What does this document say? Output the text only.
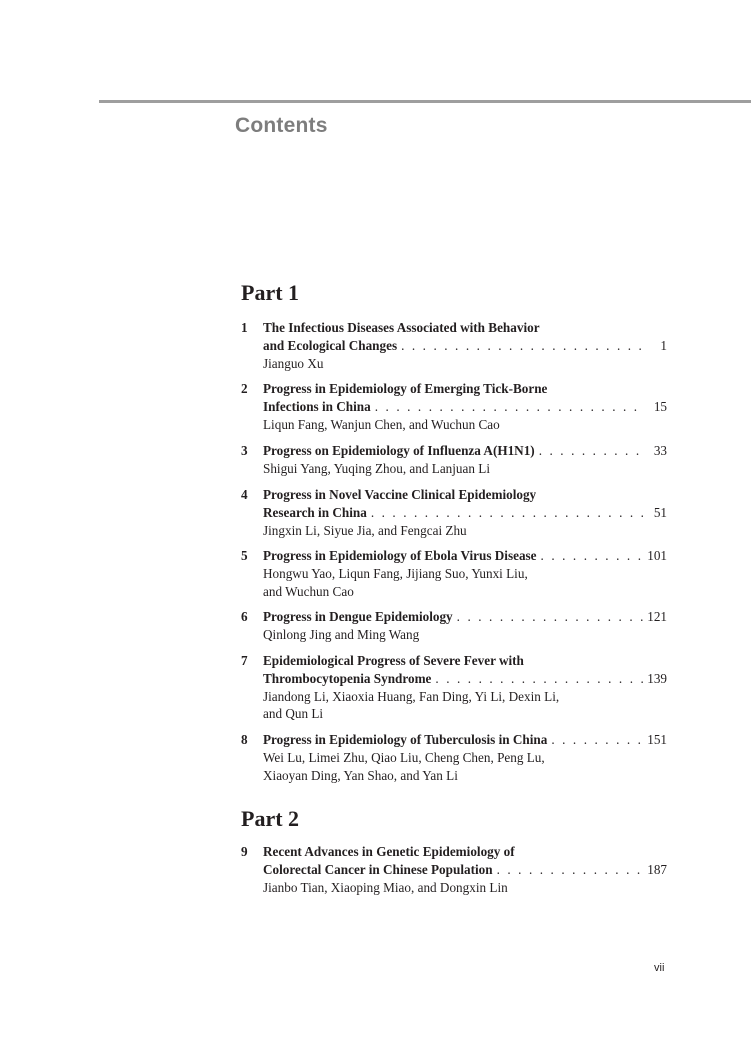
Contents
Part 1
1 The Infectious Diseases Associated with Behavior
and Ecological Changes . . .	1
Jianguo Xu
2 Progress in Epidemiology of Emerging Tick-Borne
Infections in China . . .	15
Liqun Fang, Wanjun Chen, and Wuchun Cao
3 Progress on Epidemiology of Influenza A(H1N1) . . .	33
Shigui Yang, Yuqing Zhou, and Lanjuan Li
4 Progress in Novel Vaccine Clinical Epidemiology
Research in China . . .	51
Jingxin Li, Siyue Jia, and Fengcai Zhu
5 Progress in Epidemiology of Ebola Virus Disease . . .	101
Hongwu Yao, Liqun Fang, Jijiang Suo, Yunxi Liu,
and Wuchun Cao
6 Progress in Dengue Epidemiology . . .	121
Qinlong Jing and Ming Wang
7 Epidemiological Progress of Severe Fever with
Thrombocytopenia Syndrome . . .	139
Jiandong Li, Xiaoxia Huang, Fan Ding, Yi Li, Dexin Li,
and Qun Li
8 Progress in Epidemiology of Tuberculosis in China . . .	151
Wei Lu, Limei Zhu, Qiao Liu, Cheng Chen, Peng Lu,
Xiaoyan Ding, Yan Shao, and Yan Li
Part 2
9 Recent Advances in Genetic Epidemiology of
Colorectal Cancer in Chinese Population . . .	187
Jianbo Tian, Xiaoping Miao, and Dongxin Lin
vii
